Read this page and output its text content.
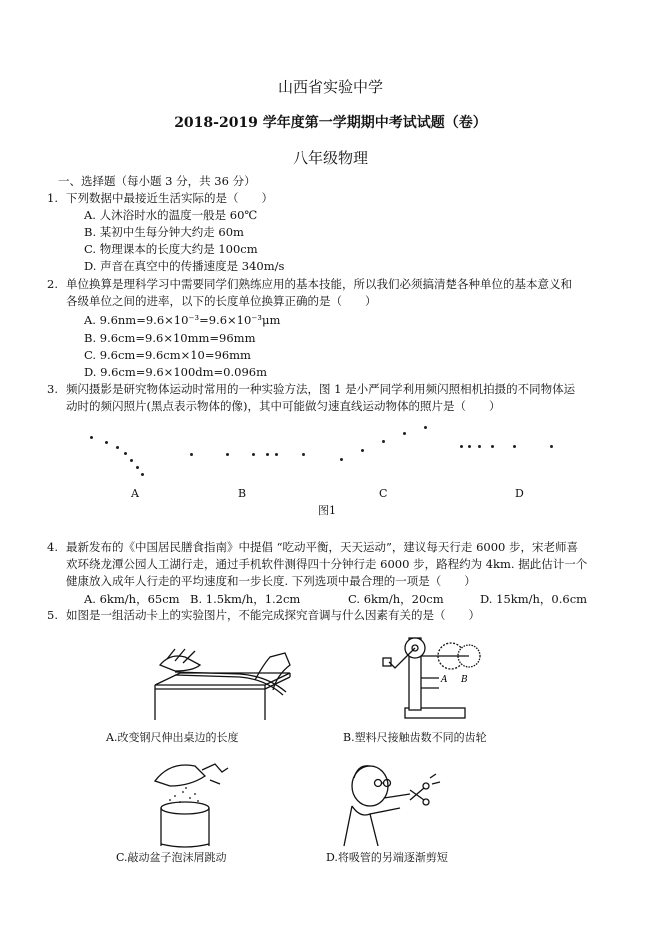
山西省实验中学
2018-2019 学年度第一学期期中考试试题（卷）
八年级物理
一、选择题（每小题 3 分，共 36 分）
1. 下列数据中最接近生活实际的是（　　）
A. 人沐浴时水的温度一般是 60℃
B. 某初中生每分钟大约走 60m
C. 物理课本的长度大约是 100cm
D. 声音在真空中的传播速度是 340m/s
2. 单位换算是理科学习中需要同学们熟练应用的基本技能，所以我们必须搞清楚各种单位的基本意义和
各级单位之间的进率，以下的长度单位换算正确的是（　　）
A. 9.6nm=9.6×10⁻³=9.6×10⁻³μm
B. 9.6cm=9.6×10mm=96mm
C. 9.6cm=9.6cm×10=96mm
D. 9.6cm=9.6×100dm=0.096m
3. 频闪摄影是研究物体运动时常用的一种实验方法，图 1 是小严同学利用频闪照相机拍摄的不同物体运
动时的频闪照片(黑点表示物体的像)，其中可能做匀速直线运动物体的照片是（　　）
A	B	C	D
图1
4. 最新发布的《中国居民膳食指南》中提倡 “吃动平衡，天天运动”，建议每天行走 6000 步，宋老师喜
欢环绕龙潭公园人工湖行走，通过手机软件测得四十分钟行走 6000 步，路程约为 4km. 据此估计一个
健康放入成年人行走的平均速度和一步长度. 下列选项中最合理的一项是（　　）
A. 6km/h，65cm B. 1.5km/h，1.2cm	C. 6km/h，20cm	D. 15km/h，0.6cm
5. 如图是一组活动卡上的实验图片，不能完成探究音调与什么因素有关的是（　　）
A.改变钢尺伸出桌边的长度
A B
B.塑料尺接触齿数不同的齿轮
C.敲动盆子泡沫屑跳动	D.将吸管的另端逐渐剪短
